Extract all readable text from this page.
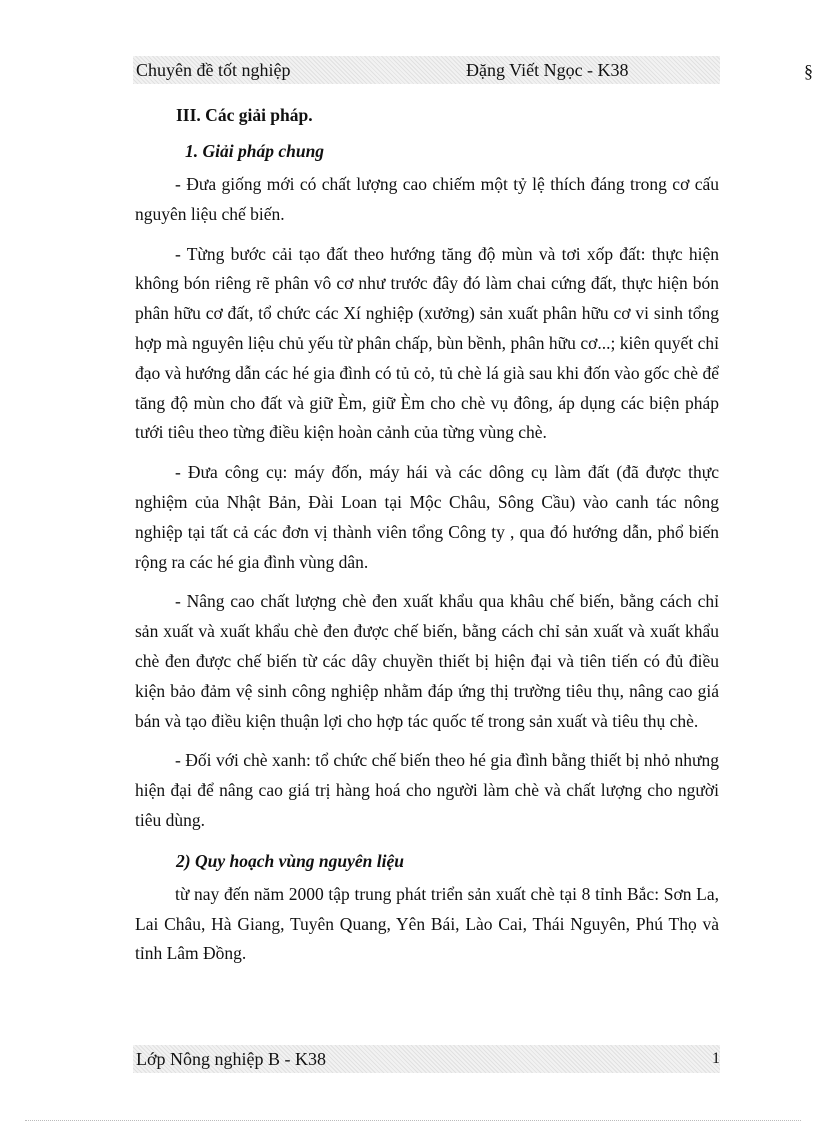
Chuyên đề tốt nghiệp	Đặng Viết Ngọc - K38	§
III. Các giải pháp.
1. Giải pháp chung

- Đưa giống mới có chất lượng cao chiếm một tỷ lệ thích đáng trong cơ cấu nguyên liệu chế biến.

- Từng bước cải tạo đất theo hướng tăng độ mùn và tơi xốp đất: thực hiện không bón riêng rẽ phân vô cơ như trước đây đó làm chai cứng đất, thực hiện bón phân hữu cơ đất, tổ chức các Xí nghiệp (xưởng) sản xuất phân hữu cơ vi sinh tổng hợp mà nguyên liệu chủ yếu từ phân chấp, bùn bềnh, phân hữu cơ...; kiên quyết chỉ đạo và hướng dẫn các hé gia đình có tủ cỏ, tủ chè lá già sau khi đốn vào gốc chè để tăng độ mùn cho đất và giữ Èm, giữ Èm cho chè vụ đông, áp dụng các biện pháp tưới tiêu theo từng điều kiện hoàn cảnh của từng vùng chè.

- Đưa công cụ: máy đốn, máy hái và các dông cụ làm đất (đã được thực nghiệm của Nhật Bản, Đài Loan tại Mộc Châu, Sông Cầu) vào canh tác nông nghiệp tại tất cả các đơn vị thành viên tổng Công ty , qua đó hướng dẫn, phổ biến rộng ra các hé gia đình vùng dân.

- Nâng cao chất lượng chè đen xuất khẩu qua khâu chế biến, bằng cách chỉ sản xuất và xuất khẩu chè đen được chế biến, bằng cách chỉ sản xuất và xuất khẩu chè đen được chế biến từ các dây chuyền thiết bị hiện đại và tiên tiến có đủ điều kiện bảo đảm vệ sinh công nghiệp nhằm đáp ứng thị trường tiêu thụ, nâng cao giá bán và tạo điều kiện thuận lợi cho hợp tác quốc tế trong sản xuất và tiêu thụ chè.

- Đối với chè xanh: tổ chức chế biến theo hé gia đình bằng thiết bị nhỏ nhưng hiện đại để nâng cao giá trị hàng hoá cho người làm chè và chất lượng cho người tiêu dùng.

2) Quy hoạch vùng nguyên liệu

từ nay đến năm 2000 tập trung phát triển sản xuất chè tại 8 tỉnh Bắc: Sơn La, Lai Châu, Hà Giang, Tuyên Quang, Yên Bái, Lào Cai, Thái Nguyên, Phú Thọ và tỉnh Lâm Đồng.

Lớp Nông nghiệp B - K38	1
